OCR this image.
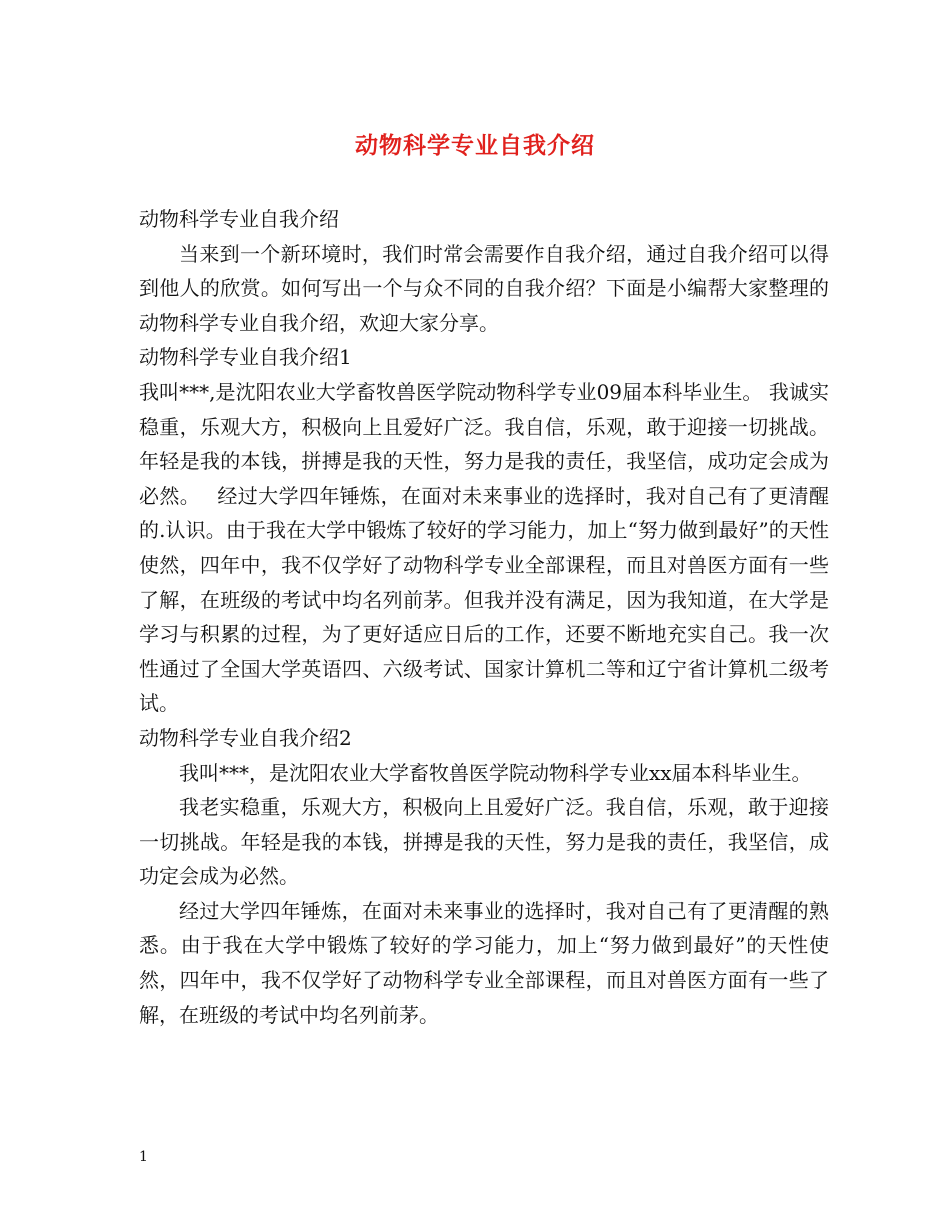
动物科学专业自我介绍

动物科学专业自我介绍

当来到一个新环境时，我们时常会需要作自我介绍，通过自我介绍可以得到他人的欣赏。如何写出一个与众不同的自我介绍？下面是小编帮大家整理的动物科学专业自我介绍，欢迎大家分享。

动物科学专业自我介绍1

我叫***,是沈阳农业大学畜牧兽医学院动物科学专业09届本科毕业生。 我诚实稳重，乐观大方，积极向上且爱好广泛。我自信，乐观，敢于迎接一切挑战。年轻是我的本钱，拼搏是我的天性，努力是我的责任，我坚信，成功定会成为必然。　 经过大学四年锤炼，在面对未来事业的选择时，我对自己有了更清醒的.认识。由于我在大学中锻炼了较好的学习能力，加上“努力做到最好”的天性使然，四年中，我不仅学好了动物科学专业全部课程，而且对兽医方面有一些了解，在班级的考试中均名列前茅。但我并没有满足，因为我知道，在大学是学习与积累的过程，为了更好适应日后的工作，还要不断地充实自己。我一次性通过了全国大学英语四、六级考试、国家计算机二等和辽宁省计算机二级考试。

动物科学专业自我介绍2

我叫***，是沈阳农业大学畜牧兽医学院动物科学专业xx届本科毕业生。

我老实稳重，乐观大方，积极向上且爱好广泛。我自信，乐观，敢于迎接一切挑战。年轻是我的本钱，拼搏是我的天性，努力是我的责任，我坚信，成功定会成为必然。

经过大学四年锤炼，在面对未来事业的选择时，我对自己有了更清醒的熟悉。由于我在大学中锻炼了较好的学习能力，加上“努力做到最好”的天性使然，四年中，我不仅学好了动物科学专业全部课程，而且对兽医方面有一些了解，在班级的考试中均名列前茅。

1
